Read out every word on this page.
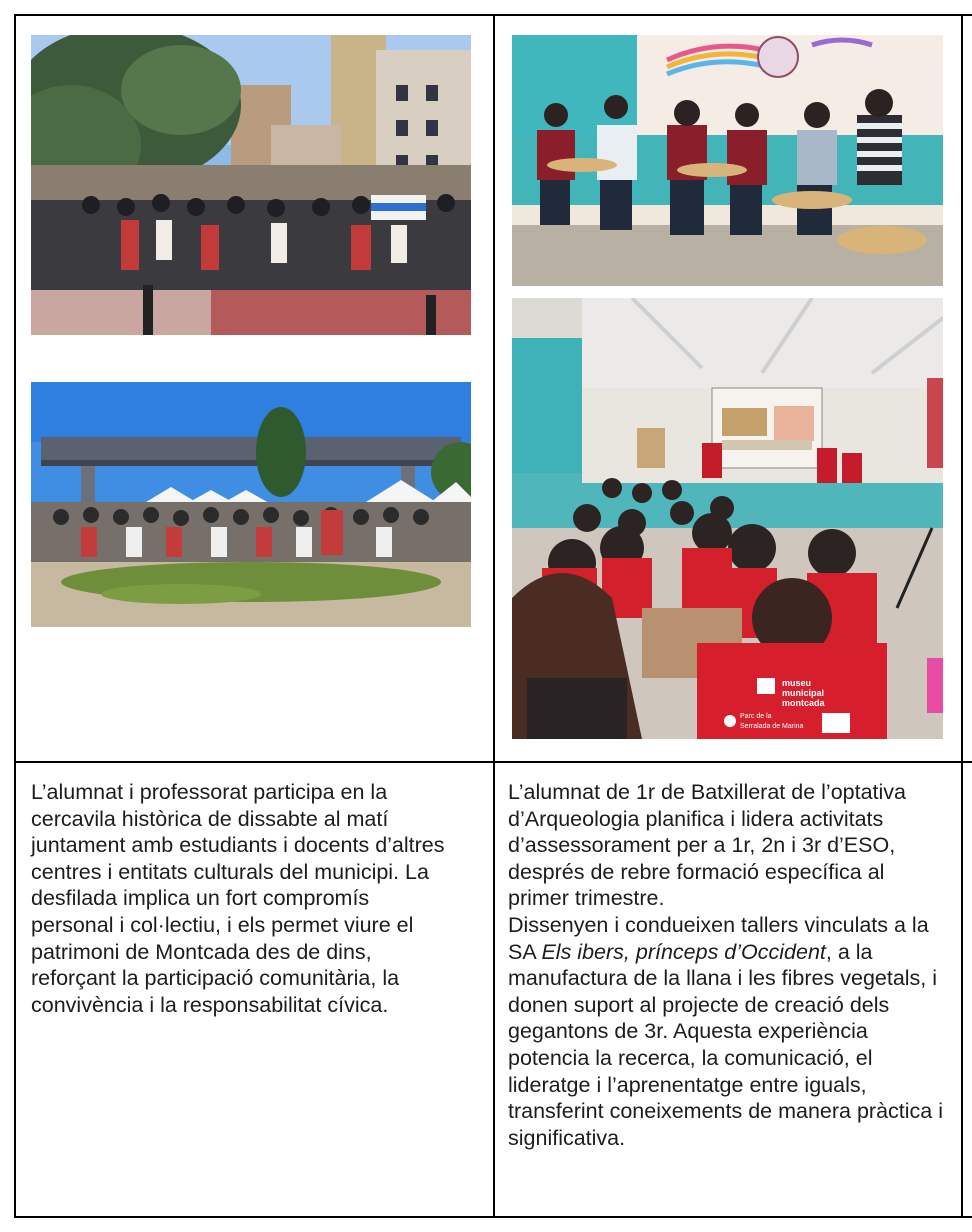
museu
municipal
montcada
Parc de la
Serralada de Marina

L’alumnat i professorat participa en la cercavila històrica de dissabte al matí juntament amb estudiants i docents d’altres centres i entitats culturals del municipi. La desfilada implica un fort compromís personal i col·lectiu, i els permet viure el patrimoni de Montcada des de dins, reforçant la participació comunitària, la convivència i la responsabilitat cívica.

L’alumnat de 1r de Batxillerat de l’optativa d’Arqueologia planifica i lidera activitats d’assessorament per a 1r, 2n i 3r d’ESO, després de rebre formació específica al primer trimestre.

Dissenyen i condueixen tallers vinculats a la SA Els ibers, prínceps d’Occident, a la manufactura de la llana i les fibres vegetals, i donen suport al projecte de creació dels gegantons de 3r. Aquesta experiència potencia la recerca, la comunicació, el lideratge i l’aprenentatge entre iguals, transferint coneixements de manera pràctica i significativa.
